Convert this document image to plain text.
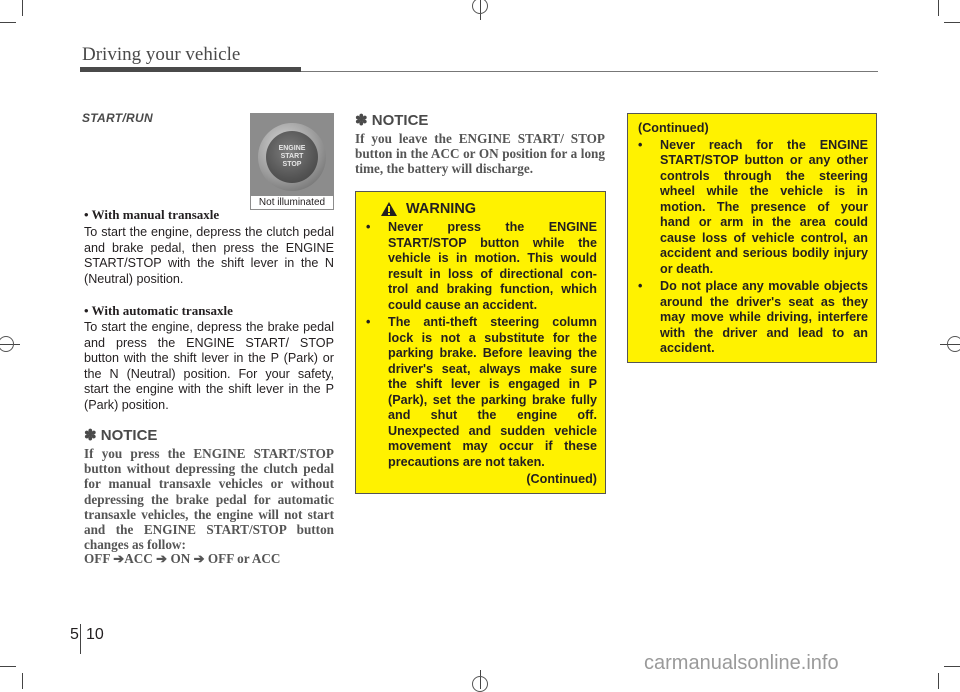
Driving your vehicle
START/RUN
ENGINE
START
STOP
Not illuminated
• With manual transaxle
To start the engine, depress the clutch pedal and brake pedal, then press the ENGINE START/STOP with the shift lever in the N (Neutral) position.
• With automatic transaxle
To start the engine, depress the brake pedal and press the ENGINE START/ STOP button with the shift lever in the P (Park) or the N (Neutral) position. For your safety, start the engine with the shift lever in the P (Park) position.
✽ NOTICE
If you press the ENGINE START/STOP button without depressing the clutch pedal for manual transaxle vehicles or without depressing the brake pedal for automatic transaxle vehicles, the engine will not start and the ENGINE START/STOP button changes as follow:
OFF ➔ACC ➔ ON ➔ OFF or ACC
✽ NOTICE
If you leave the ENGINE START/ STOP button in the ACC or ON position for a long time, the battery will discharge.
WARNING
• Never press the ENGINE START/STOP button while the vehicle is in motion. This would result in loss of directional con- trol and braking function, which could cause an accident.
• The anti-theft steering column lock is not a substitute for the parking brake. Before leaving the driver's seat, always make sure the shift lever is engaged in P (Park), set the parking brake fully and shut the engine off. Unexpected and sudden vehicle movement may occur if these precautions are not taken.
(Continued)
(Continued)
• Never reach for the ENGINE START/STOP button or any other controls through the steering wheel while the vehicle is in motion. The presence of your hand or arm in the area could cause loss of vehicle control, an accident and serious bodily injury or death.
• Do not place any movable objects around the driver's seat as they may move while driving, interfere with the driver and lead to an accident.
5 10
carmanualsonline.info
